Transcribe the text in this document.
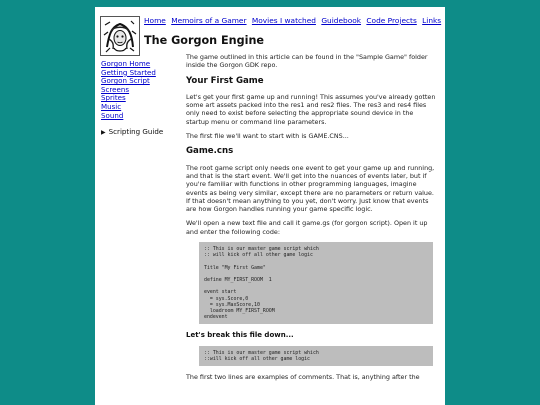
Home Memoirs of a Gamer Movies I watched Guidebook Code Projects Links
The Gorgon Engine
Gorgon Home
Getting Started
Gorgon Script
Screens
Sprites
Music
Sound
▶ Scripting Guide

The game outlined in this article can be found in the "Sample Game" folder inside the Gorgon GDK repo.

Your First Game

Let's get your first game up and running! This assumes you've already gotten some art assets packed into the res1 and res2 files. The res3 and res4 files only need to exist before selecting the appropriate sound device in the startup menu or command line parameters.

The first file we'll want to start with is GAME.CNS...

Game.cns

The root game script only needs one event to get your game up and running, and that is the start event. We'll get into the nuances of events later, but if you're familiar with functions in other programming languages, imagine events as being very similar, except there are no parameters or return value. If that doesn't mean anything to you yet, don't worry. Just know that events are how Gorgon handles running your game specific logic.

We'll open a new text file and call it game.gs (for gorgon script). Open it up and enter the following code:

:: This is our master game script which
:: will kick off all other game logic

Title "My First Game"

define MY_FIRST_ROOM  1

event start
= sys.Score,0
= sys.MaxScore,10
loadroom MY_FIRST_ROOM
endevent
Let's break this file down...
:: This is our master game script which
::will kick off all other game logic

The first two lines are examples of comments. That is, anything after the
